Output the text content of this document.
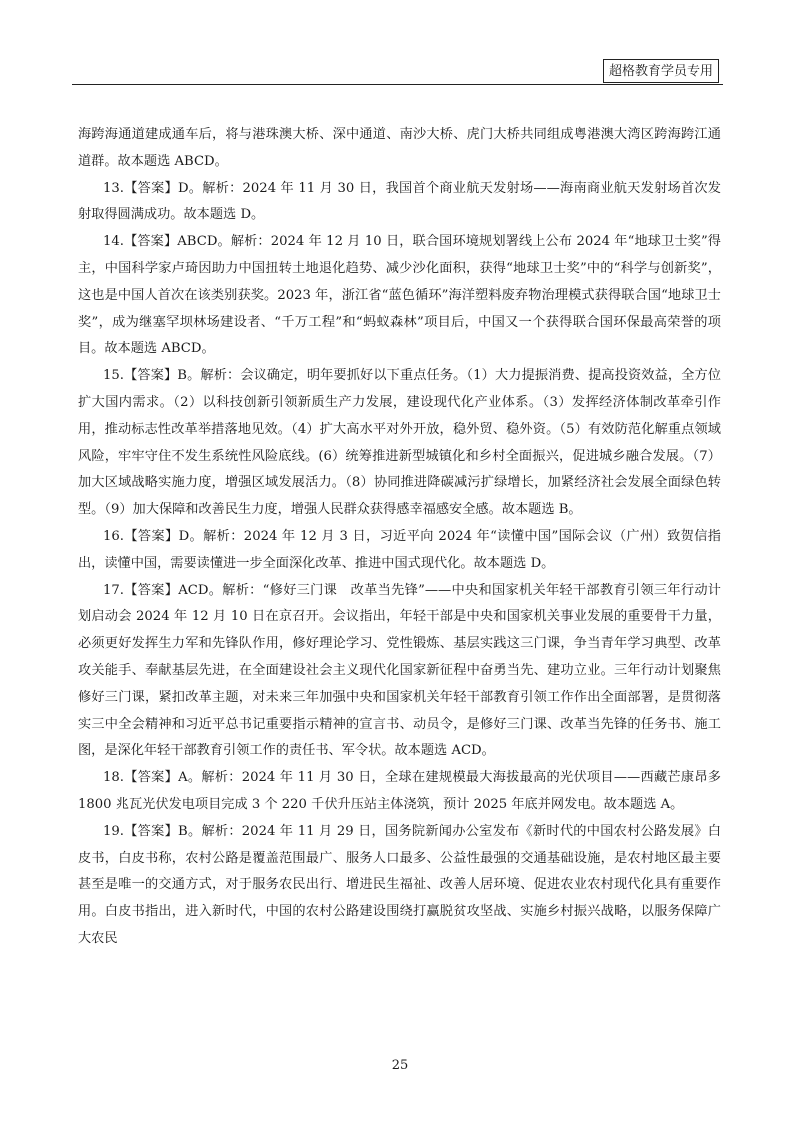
超格教育学员专用

海跨海通道建成通车后，将与港珠澳大桥、深中通道、南沙大桥、虎门大桥共同组成粤港澳大湾区跨海跨江通道群。故本题选 ABCD。

13.【答案】D。解析：2024 年 11 月 30 日，我国首个商业航天发射场——海南商业航天发射场首次发射取得圆满成功。故本题选 D。

14.【答案】ABCD。解析：2024 年 12 月 10 日，联合国环境规划署线上公布 2024 年“地球卫士奖”得主，中国科学家卢琦因助力中国扭转土地退化趋势、减少沙化面积，获得“地球卫士奖”中的“科学与创新奖”，这也是中国人首次在该类别获奖。2023 年，浙江省“蓝色循环”海洋塑料废弃物治理模式获得联合国“地球卫士奖”，成为继塞罕坝林场建设者、“千万工程”和“蚂蚁森林”项目后，中国又一个获得联合国环保最高荣誉的项目。故本题选 ABCD。

15.【答案】B。解析：会议确定，明年要抓好以下重点任务。（1）大力提振消费、提高投资效益，全方位扩大国内需求。（2）以科技创新引领新质生产力发展，建设现代化产业体系。（3）发挥经济体制改革牵引作用，推动标志性改革举措落地见效。（4）扩大高水平对外开放，稳外贸、稳外资。（5）有效防范化解重点领域风险，牢牢守住不发生系统性风险底线。(6）统筹推进新型城镇化和乡村全面振兴，促进城乡融合发展。（7）加大区域战略实施力度，增强区域发展活力。（8）协同推进降碳减污扩绿增长，加紧经济社会发展全面绿色转型。（9）加大保障和改善民生力度，增强人民群众获得感幸福感安全感。故本题选 B。

16.【答案】D。解析：2024 年 12 月 3 日，习近平向 2024 年“读懂中国”国际会议（广州）致贺信指出，读懂中国，需要读懂进一步全面深化改革、推进中国式现代化。故本题选 D。

17.【答案】ACD。解析：“修好三门课　改革当先锋”——中央和国家机关年轻干部教育引领三年行动计划启动会 2024 年 12 月 10 日在京召开。会议指出，年轻干部是中央和国家机关事业发展的重要骨干力量，必须更好发挥生力军和先锋队作用，修好理论学习、党性锻炼、基层实践这三门课，争当青年学习典型、改革攻关能手、奉献基层先进，在全面建设社会主义现代化国家新征程中奋勇当先、建功立业。三年行动计划聚焦修好三门课，紧扣改革主题，对未来三年加强中央和国家机关年轻干部教育引领工作作出全面部署，是贯彻落实三中全会精神和习近平总书记重要指示精神的宣言书、动员令，是修好三门课、改革当先锋的任务书、施工图，是深化年轻干部教育引领工作的责任书、军令状。故本题选 ACD。

18.【答案】A。解析：2024 年 11 月 30 日，全球在建规模最大海拔最高的光伏项目——西藏芒康昂多 1800 兆瓦光伏发电项目完成 3 个 220 千伏升压站主体浇筑，预计 2025 年底并网发电。故本题选 A。

19.【答案】B。解析：2024 年 11 月 29 日，国务院新闻办公室发布《新时代的中国农村公路发展》白皮书，白皮书称，农村公路是覆盖范围最广、服务人口最多、公益性最强的交通基础设施，是农村地区最主要甚至是唯一的交通方式，对于服务农民出行、增进民生福祉、改善人居环境、促进农业农村现代化具有重要作用。白皮书指出，进入新时代，中国的农村公路建设围绕打赢脱贫攻坚战、实施乡村振兴战略，以服务保障广大农民

25
